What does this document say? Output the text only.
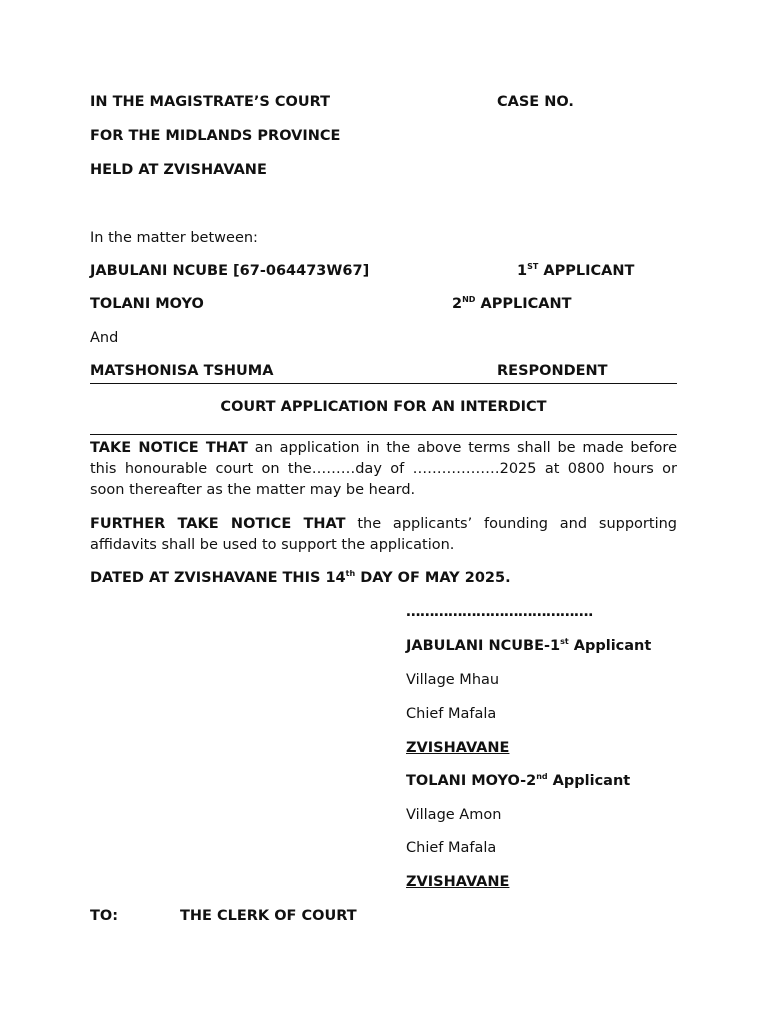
IN THE MAGISTRATE’S COURT	CASE NO.
FOR THE MIDLANDS PROVINCE
HELD AT ZVISHAVANE
In the matter between:
JABULANI NCUBE [67-064473W67]	1ST APPLICANT
TOLANI MOYO	2ND APPLICANT
And
MATSHONISA TSHUMA	RESPONDENT
COURT APPLICATION FOR AN INTERDICT
TAKE NOTICE THAT an application in the above terms shall be made before this honourable court on the………day of ………………2025 at 0800 hours or soon thereafter as the matter may be heard.
FURTHER TAKE NOTICE THAT the applicants’ founding and supporting affidavits shall be used to support the application.
DATED AT ZVISHAVANE THIS 14th DAY OF MAY 2025.
………………………………….
JABULANI NCUBE-1st Applicant
Village Mhau
Chief Mafala
ZVISHAVANE
TOLANI MOYO-2nd Applicant
Village Amon
Chief Mafala
ZVISHAVANE
TO:	THE CLERK OF COURT
